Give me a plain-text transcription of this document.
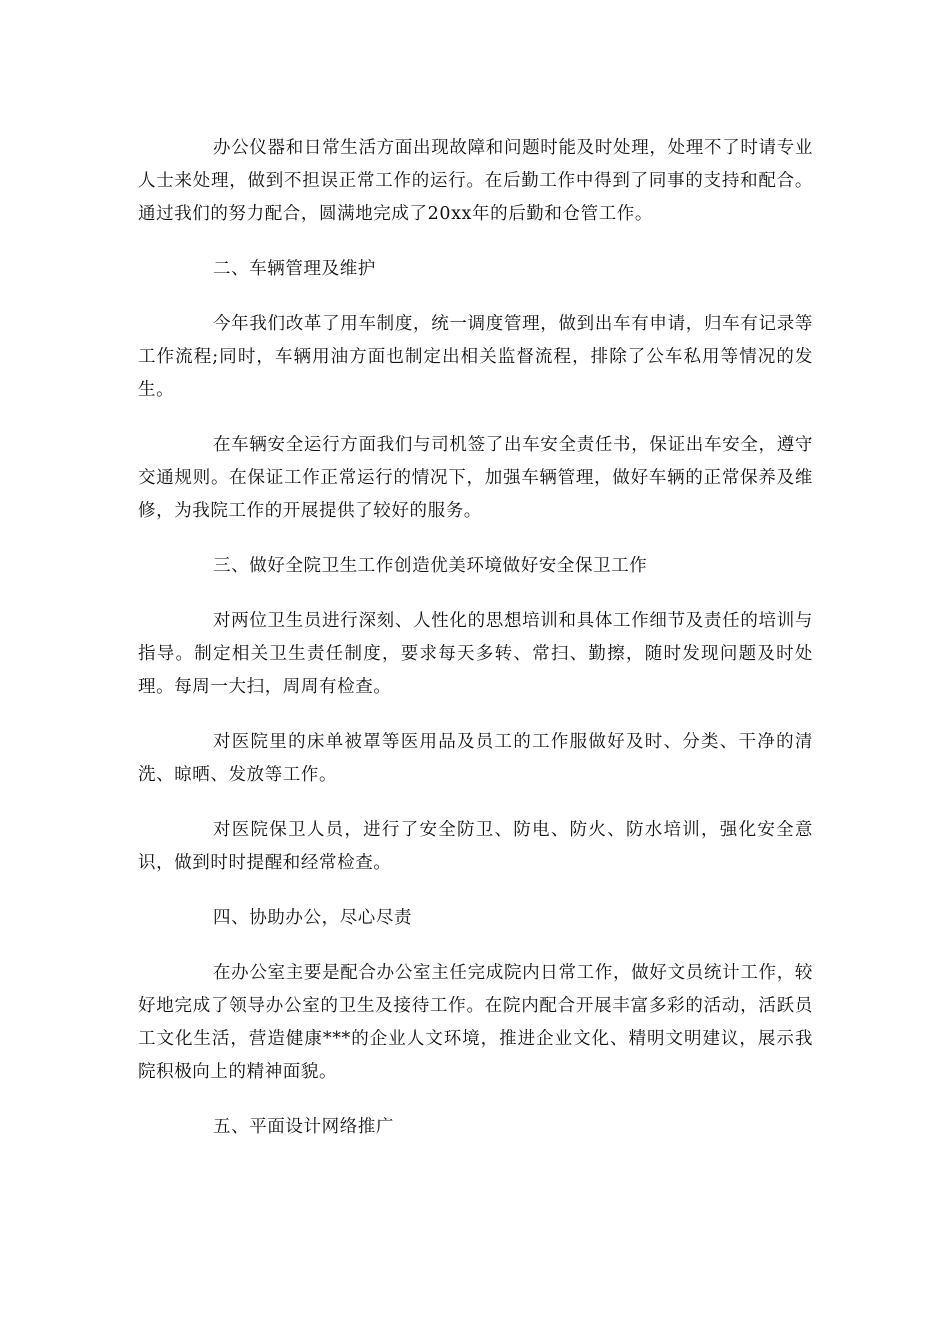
办公仪器和日常生活方面出现故障和问题时能及时处理，处理不了时请专业人士来处理，做到不担误正常工作的运行。在后勤工作中得到了同事的支持和配合。通过我们的努力配合，圆满地完成了20xx年的后勤和仓管工作。

二、车辆管理及维护

今年我们改革了用车制度，统一调度管理，做到出车有申请，归车有记录等工作流程;同时，车辆用油方面也制定出相关监督流程，排除了公车私用等情况的发生。

在车辆安全运行方面我们与司机签了出车安全责任书，保证出车安全，遵守交通规则。在保证工作正常运行的情况下，加强车辆管理，做好车辆的正常保养及维修，为我院工作的开展提供了较好的服务。

三、做好全院卫生工作创造优美环境做好安全保卫工作

对两位卫生员进行深刻、人性化的思想培训和具体工作细节及责任的培训与指导。制定相关卫生责任制度，要求每天多转、常扫、勤擦，随时发现问题及时处理。每周一大扫，周周有检查。

对医院里的床单被罩等医用品及员工的工作服做好及时、分类、干净的清洗、晾晒、发放等工作。

对医院保卫人员，进行了安全防卫、防电、防火、防水培训，强化安全意识，做到时时提醒和经常检查。

四、协助办公，尽心尽责

在办公室主要是配合办公室主任完成院内日常工作，做好文员统计工作，较好地完成了领导办公室的卫生及接待工作。在院内配合开展丰富多彩的活动，活跃员工文化生活，营造健康***的企业人文环境，推进企业文化、精明文明建议，展示我院积极向上的精神面貌。

五、平面设计网络推广
